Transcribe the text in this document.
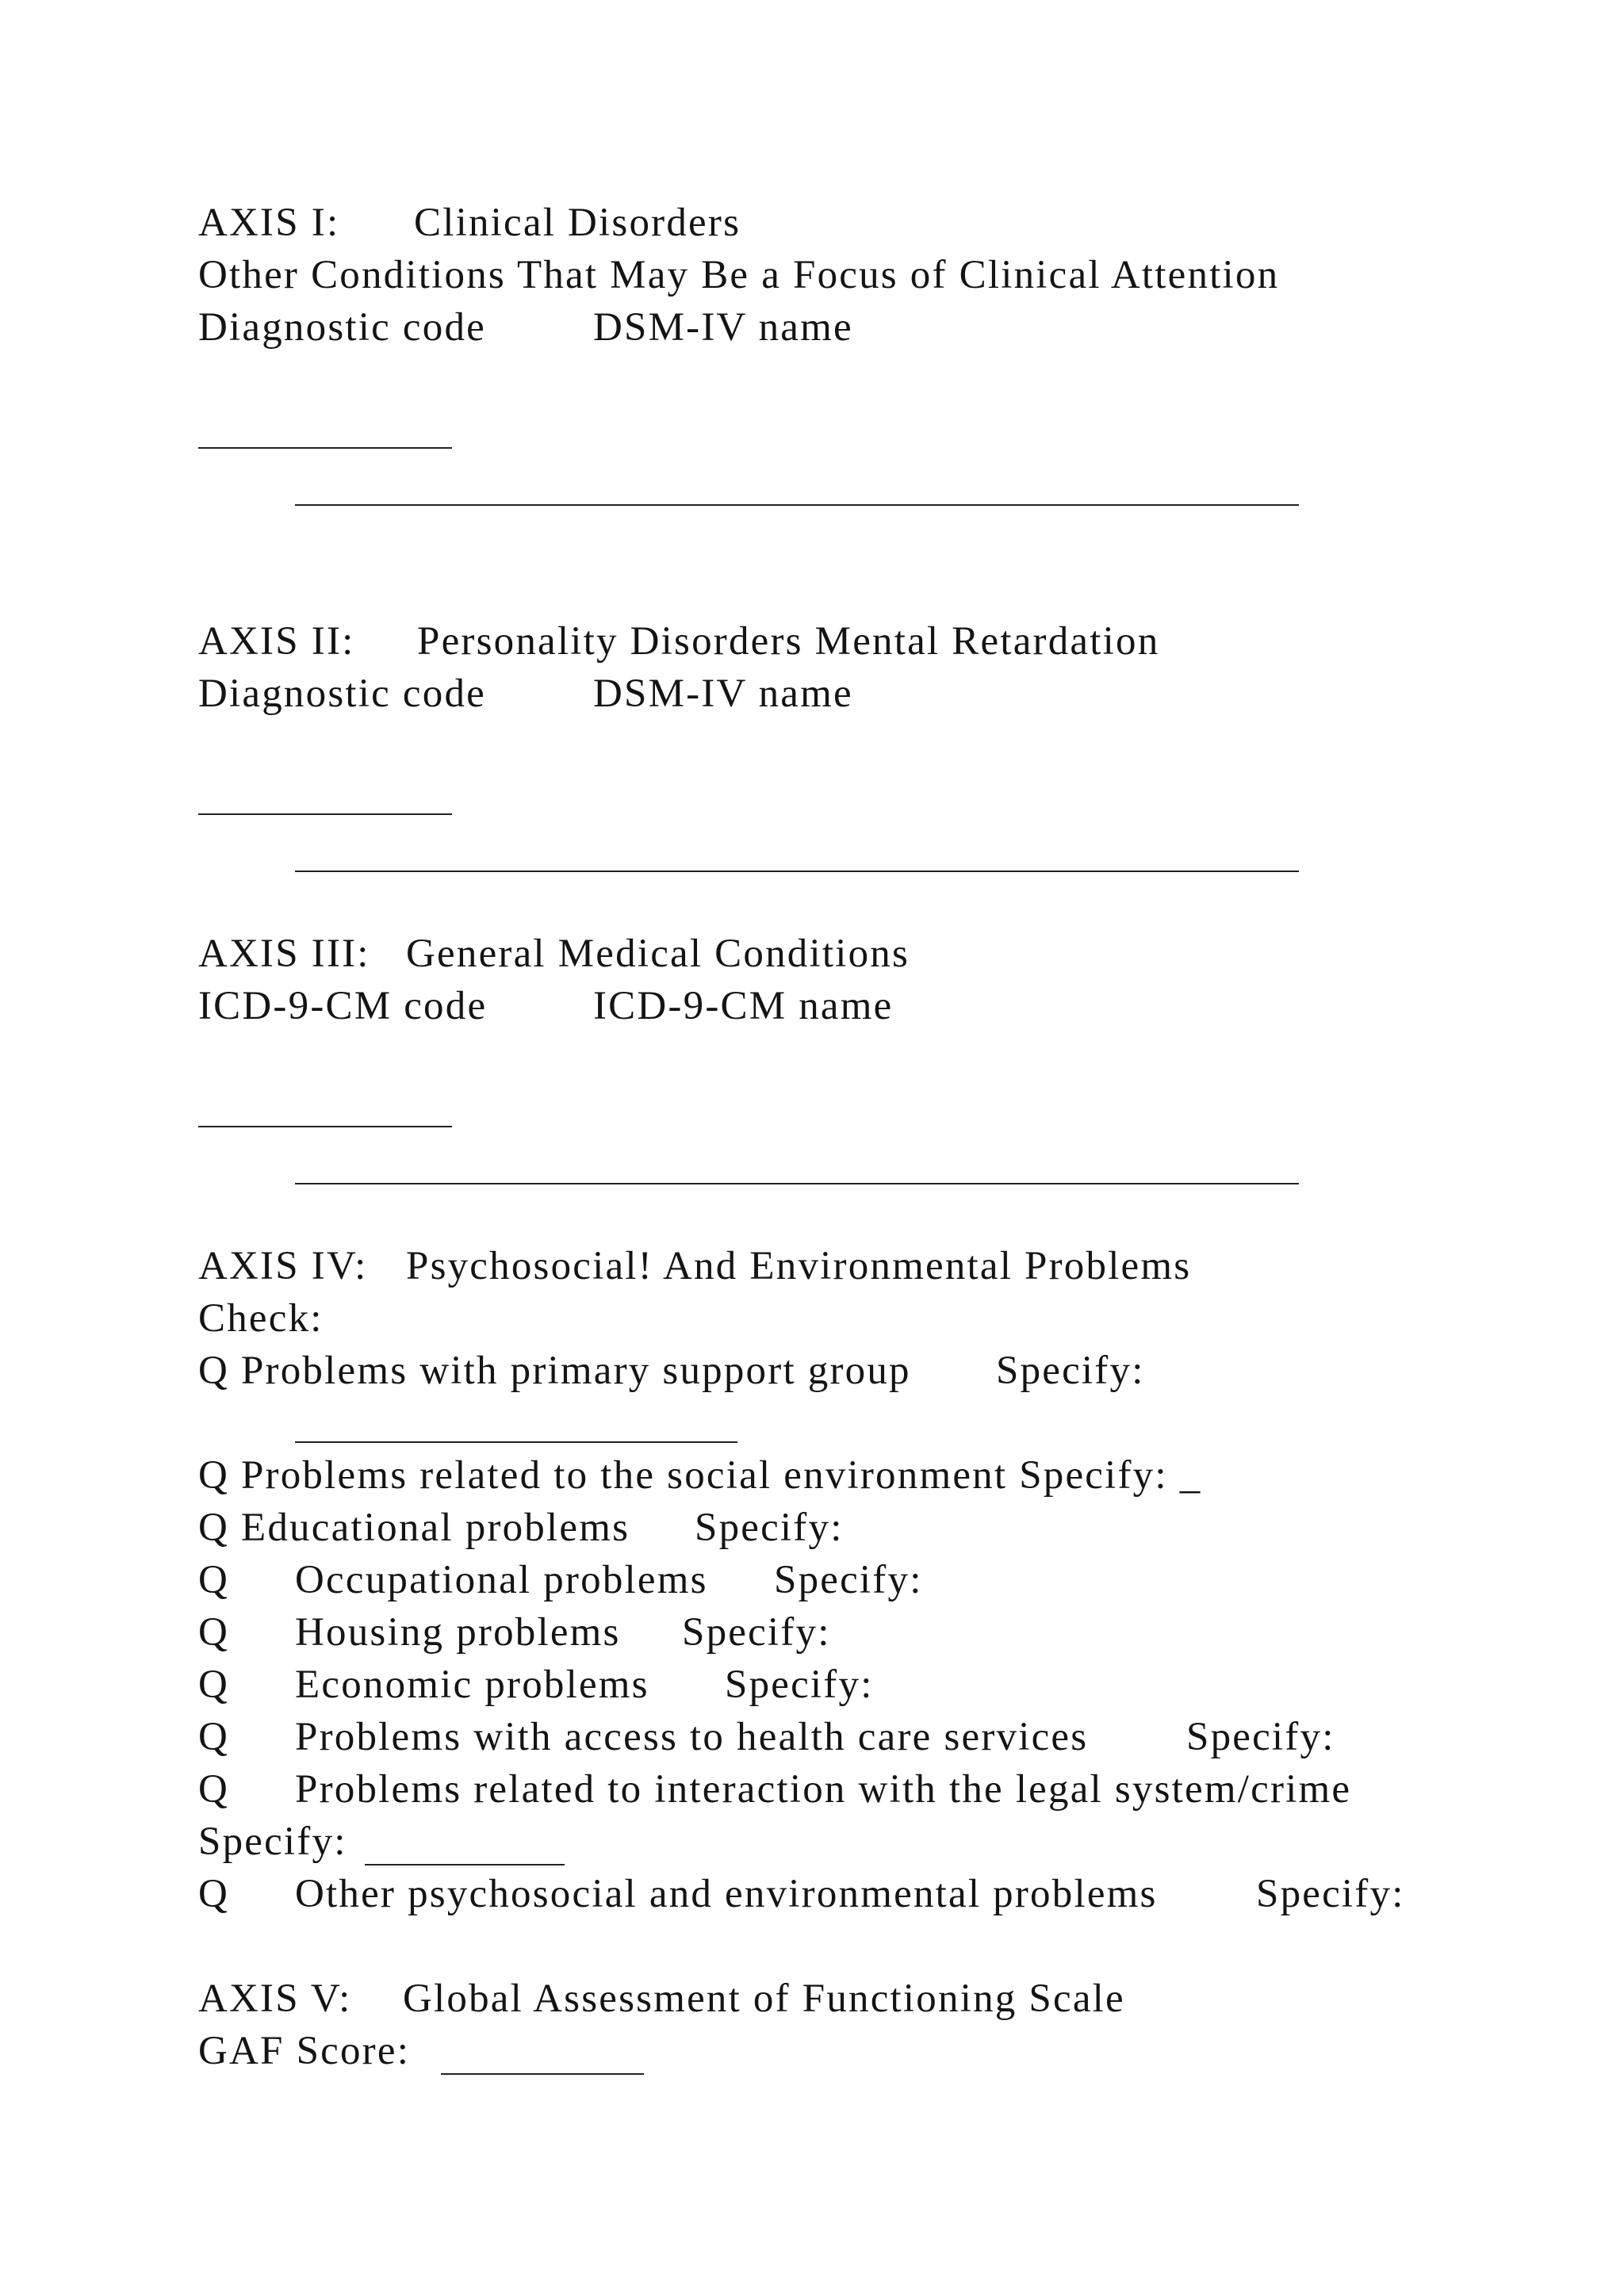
AXIS I: Clinical Disorders
Other Conditions That May Be a Focus of Clinical Attention
Diagnostic code	DSM-IV name
AXIS II: Personality Disorders Mental Retardation
Diagnostic code	DSM-IV name
AXIS III: General Medical Conditions
ICD-9-CM code	ICD-9-CM name
AXIS IV: Psychosocial! And Environmental Problems
Check:
Q Problems with primary support group Specify:
Q Problems related to the social environment Specify: _
Q Educational problems Specify:
Q Occupational problems Specify:
Q Housing problems Specify:
Q Economic problems Specify:
Q Problems with access to health care services Specify:
Q Problems related to interaction with the legal system/crime
Specify:
Q Other psychosocial and environmental problems Specify:
AXIS V: Global Assessment of Functioning Scale
GAF Score:
